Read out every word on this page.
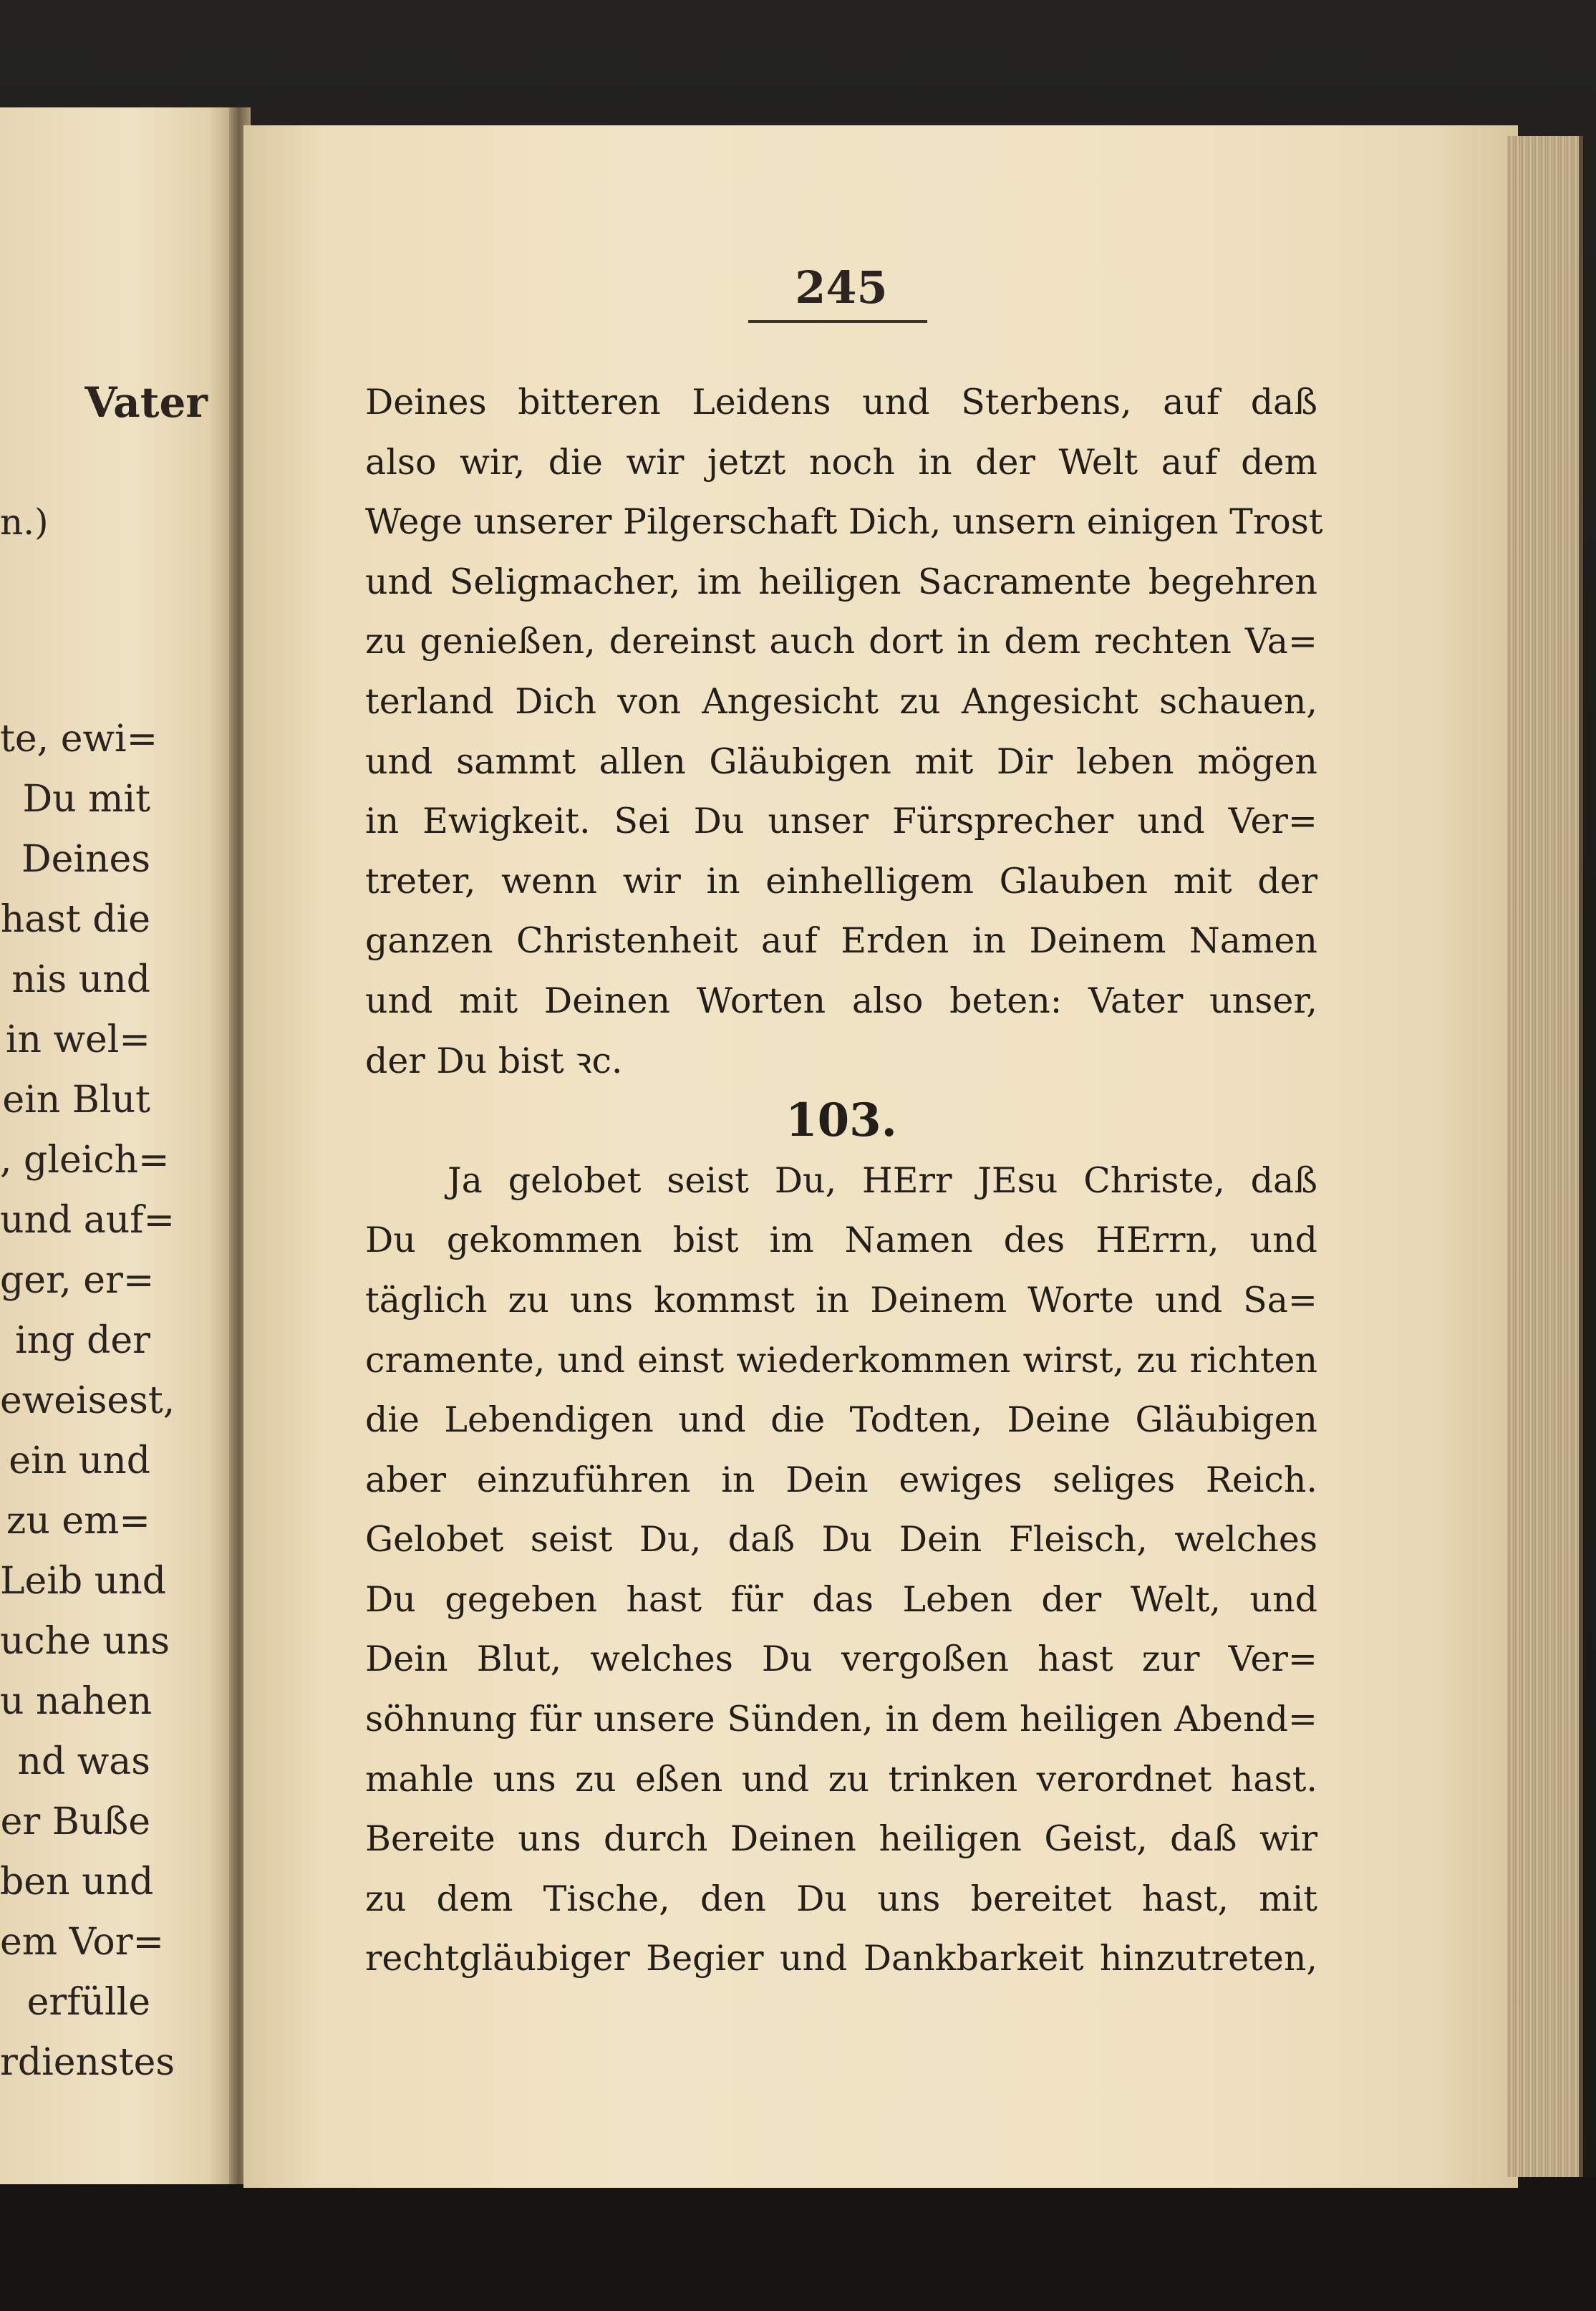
Vater
n.)
te, ewi=
Du mit
Deines
hast die
nis und
in wel=
ein Blut
, gleich=
und auf=
ger, er=
ing der
eweisest,
ein und
zu em=
Leib und
uche uns
u nahen
nd was
er Buße
ben und
em Vor=
erfülle
rdienstes
245
Deines bitteren Leidens und Sterbens, auf daß
also wir, die wir jetzt noch in der Welt auf dem
Wege unserer Pilgerschaft Dich, unsern einigen Trost
und Seligmacher, im heiligen Sacramente begehren
zu genießen, dereinst auch dort in dem rechten Va=
terland Dich von Angesicht zu Angesicht schauen,
und sammt allen Gläubigen mit Dir leben mögen
in Ewigkeit. Sei Du unser Fürsprecher und Ver=
treter, wenn wir in einhelligem Glauben mit der
ganzen Christenheit auf Erden in Deinem Namen
und mit Deinen Worten also beten: Vater unser,
der Du bist ꝛc.
103.
Ja gelobet seist Du, HErr JEsu Christe, daß
Du gekommen bist im Namen des HErrn, und
täglich zu uns kommst in Deinem Worte und Sa=
cramente, und einst wiederkommen wirst, zu richten
die Lebendigen und die Todten, Deine Gläubigen
aber einzuführen in Dein ewiges seliges Reich.
Gelobet seist Du, daß Du Dein Fleisch, welches
Du gegeben hast für das Leben der Welt, und
Dein Blut, welches Du vergoßen hast zur Ver=
söhnung für unsere Sünden, in dem heiligen Abend=
mahle uns zu eßen und zu trinken verordnet hast.
Bereite uns durch Deinen heiligen Geist, daß wir
zu dem Tische, den Du uns bereitet hast, mit
rechtgläubiger Begier und Dankbarkeit hinzutreten,
